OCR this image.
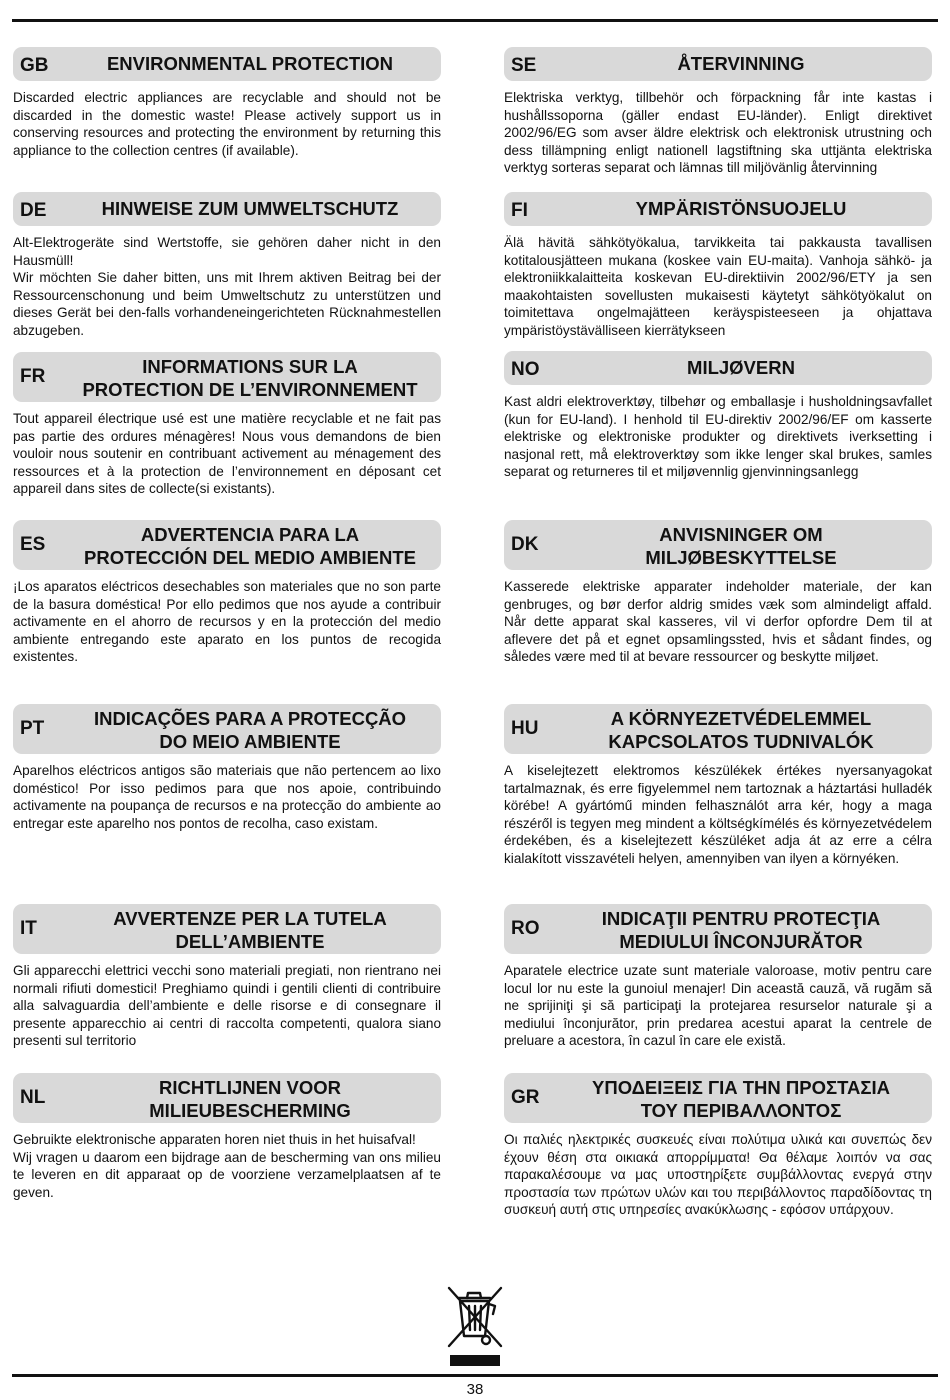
GB	ENVIRONMENTAL PROTECTION
Discarded electric appliances are recyclable and should not be discarded in the domestic waste! Please actively support us in conserving resources and protecting the environment by returning this appliance to the collection centres (if available).
DE	HINWEISE ZUM UMWELTSCHUTZ
Alt-Elektrogeräte sind Wertstoffe, sie gehören daher nicht in den Hausmüll!
Wir möchten Sie daher bitten, uns mit Ihrem aktiven Beitrag bei der Ressourcenschonung und beim Umweltschutz zu unterstützen und dieses Gerät bei den-falls vorhandeneingerichteten Rücknahmestellen abzugeben.
FR	INFORMATIONS SUR LA
PROTECTION DE L’ENVIRONNEMENT
Tout appareil électrique usé est une matière recyclable et ne fait pas pas partie des ordures ménagères! Nous vous demandons de bien vouloir nous soutenir en contribuant activement au ménagement des ressources et à la protection de l’environnement en déposant cet appareil dans sites de collecte(si existants).
ES	ADVERTENCIA PARA LA
PROTECCIÓN DEL MEDIO AMBIENTE
¡Los aparatos eléctricos desechables son materiales que no son parte de la basura doméstica! Por ello pedimos que nos ayude a contribuir activamente en el ahorro de recursos y en la protección del medio ambiente entregando este aparato en los puntos de recogida existentes.
PT	INDICAÇÕES PARA A PROTECÇÃO
DO MEIO AMBIENTE
Aparelhos eléctricos antigos são materiais que não pertencem ao lixo doméstico! Por isso pedimos para que nos apoie, contribuindo activamente na poupança de recursos e na protecção do ambiente ao entregar este aparelho nos pontos de recolha, caso existam.
IT	AVVERTENZE PER LA TUTELA
DELL’AMBIENTE
Gli apparecchi elettrici vecchi sono materiali pregiati, non rientrano nei normali rifiuti domestici! Preghiamo quindi i gentili clienti di contribuire alla salvaguardia dell’ambiente e delle risorse e di consegnare il presente apparecchio ai centri di raccolta competenti, qualora siano presenti sul territorio
NL	RICHTLIJNEN VOOR
MILIEUBESCHERMING
Gebruikte elektronische apparaten horen niet thuis in het huisafval!
Wij vragen u daarom een bijdrage aan de bescherming van ons milieu te leveren en dit apparaat op de voorziene verzamelplaatsen af te geven.
SE	ÅTERVINNING
Elektriska verktyg, tillbehör och förpackning får inte kastas i hushållssoporna (gäller endast EU-länder). Enligt direktivet 2002/96/EG som avser äldre elektrisk och elektronisk utrustning och dess tillämpning enligt nationell lagstiftning ska uttjänta elektriska verktyg sorteras separat och lämnas till miljövänlig återvinning
FI	YMPÄRISTÖNSUOJELU
Älä hävitä sähkötyökalua, tarvikkeita tai pakkausta tavallisen kotitalousjätteen mukana (koskee vain EU-maita). Vanhoja sähkö- ja elektroniikkalaitteita koskevan EU-direktiivin 2002/96/ETY ja sen maakohtaisten sovellusten mukaisesti käytetyt sähkötyökalut on toimitettava ongelmajätteen keräyspisteeseen ja ohjattava ympäristöystävälliseen kierrätykseen
NO	MILJØVERN
Kast aldri elektroverktøy, tilbehør og emballasje i husholdningsavfallet (kun for EU-land). I henhold til EU-direktiv 2002/96/EF om kasserte elektriske og elektroniske produkter og direktivets iverksetting i nasjonal rett, må elektroverktøy som ikke lenger skal brukes, samles separat og returneres til et miljøvennlig gjenvinningsanlegg
DK	ANVISNINGER OM
MILJØBESKYTTELSE
Kasserede elektriske apparater indeholder materiale, der kan genbruges, og bør derfor aldrig smides væk som almindeligt affald. Når dette apparat skal kasseres, vil vi derfor opfordre Dem til at aflevere det på et egnet opsamlingssted, hvis et sådant findes, og således være med til at bevare ressourcer og beskytte miljøet.
HU	A KÖRNYEZETVÉDELEMMEL
KAPCSOLATOS TUDNIVALÓK
A kiselejtezett elektromos készülékek értékes nyersanyagokat tartalmaznak, és erre figyelemmel nem tartoznak a háztartási hulladék körébe! A gyártómű minden felhasználót arra kér, hogy a maga részéről is tegyen meg mindent a költségkímélés és környezetvédelem érdekében, és a kiselejtezett készüléket adja át az erre a célra kialakított visszavételi helyen, amennyiben van ilyen a környéken.
RO	INDICAŢII PENTRU PROTECŢIA
MEDIULUI ÎNCONJURĂTOR
Aparatele electrice uzate sunt materiale valoroase, motiv pentru care locul lor nu este la gunoiul menajer! Din această cauză, vă rugăm să ne sprijiniţi şi să participaţi la protejarea resurselor naturale şi a mediului înconjurător, prin predarea acestui aparat la centrele de preluare a acestora, în cazul în care ele există.
GR	ΥΠΟΔΕΙΞΕΙΣ ΓΙΑ ΤΗΝ ΠΡΟΣΤΑΣΙΑ
ΤΟΥ ΠΕΡΙΒΑΛΛΟΝΤΟΣ
Οι παλιές ηλεκτρικές συσκευές είναι πολύτιμα υλικά και συνεπώς δεν έχουν θέση στα οικιακά απορρίμματα! Θα θέλαμε λοιπόν να σας παρακαλέσουμε να μας υποστηρίξετε συμβάλλοντας ενεργά στην προστασία των πρώτων υλών και του περιβάλλοντος παραδίδοντας τη συσκευή αυτή στις υπηρεσίες ανακύκλωσης - εφόσον υπάρχουν.
38
